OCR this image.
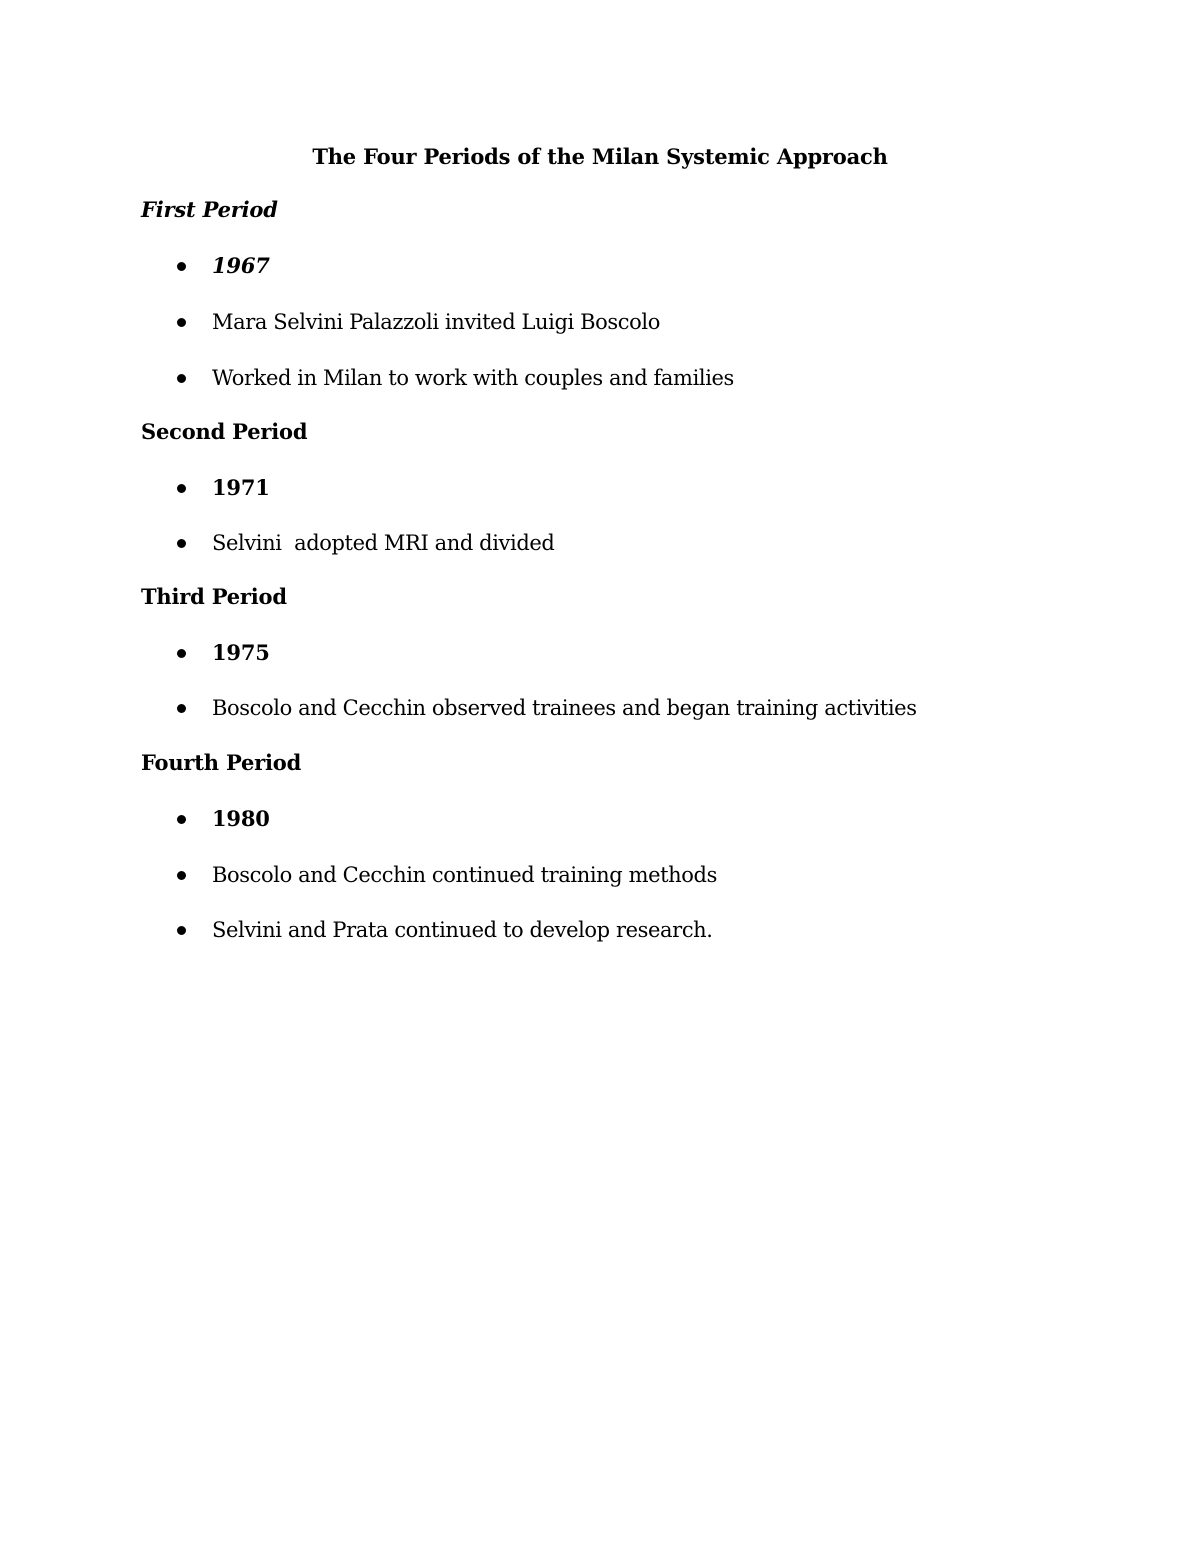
The Four Periods of the Milan Systemic Approach
First Period
1967
Mara Selvini Palazzoli invited Luigi Boscolo
Worked in Milan to work with couples and families
Second Period
1971
Selvini  adopted MRI and divided
Third Period
1975
Boscolo and Cecchin observed trainees and began training activities
Fourth Period
1980
Boscolo and Cecchin continued training methods
Selvini and Prata continued to develop research.
